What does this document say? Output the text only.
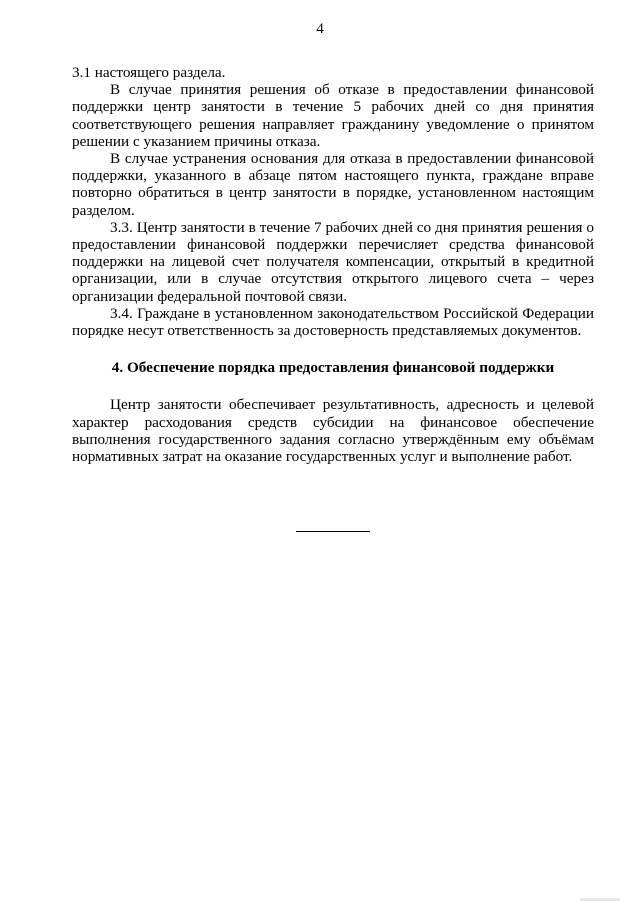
4

3.1 настоящего раздела.

В случае принятия решения об отказе в предоставлении финансовой поддержки центр занятости в течение 5 рабочих дней со дня принятия соответствующего решения направляет гражданину уведомление о принятом решении с указанием причины отказа.

В случае устранения основания для отказа в предоставлении финансовой поддержки, указанного в абзаце пятом настоящего пункта, граждане вправе повторно обратиться в центр занятости в порядке, установленном настоящим разделом.

3.3. Центр занятости в течение 7 рабочих дней со дня принятия решения о предоставлении финансовой поддержки перечисляет средства финансовой поддержки на лицевой счет получателя компенсации, открытый в кредитной организации, или в случае отсутствия открытого лицевого счета – через организации федеральной почтовой связи.

3.4. Граждане в установленном законодательством Российской Федерации порядке несут ответственность за достоверность представляемых документов.

4. Обеспечение порядка предоставления финансовой поддержки

Центр занятости обеспечивает результативность, адресность и целевой характер расходования средств субсидии на финансовое обеспечение выполнения государственного задания согласно утверждённым ему объёмам нормативных затрат на оказание государственных услуг и выполнение работ.
